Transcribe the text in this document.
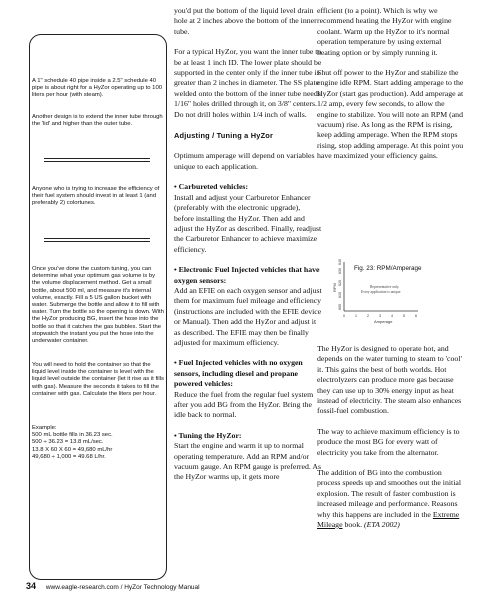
A 1" schedule 40 pipe inside a 2.5" schedule 40 pipe is about right for a HyZor operating up to 100 liters per hour (with steam).

Another design is to extend the inner tube through the 'lid' and higher than the outer tube.

Anyone who is trying to increase the efficiency of their fuel system should invest in at least 1 (and preferably 2) colortunes.

Once you've done the custom tuning, you can determine what your optimum gas volume is by the volume displacement method. Get a small bottle, about 500 ml, and measure it's internal volume, exactly. Fill a 5 US gallon bucket with water. Submerge the bottle and allow it to fill with water. Turn the bottle so the opening is down. With the HyZor producing BG, insert the hose into the bottle so that it catches the gas bubbles. Start the stopwatch the instant you put the hose into the underwater container.

You will need to hold the container so that the liquid level inside the container is level with the liquid level outside the container (let it rise as it fills with gas). Measure the seconds it takes to fill the container with gas. Calculate the liters per hour.

Example:

500 mL bottle fills in 36.23 sec.

500 ÷ 36.23 = 13.8 mL/sec.

13.8 X 60 X 60 = 49,680 mL/hr

49,680 ÷ 1,000 = 49.68 L/hr.

you'd put the bottom of the liquid level drain hole at 2 inches above the bottom of the inner tube.

For a typical HyZor, you want the inner tube to be at least 1 inch ID. The lower plate should be supported in the center only if the inner tube is greater than 2 inches in diameter. The SS plate welded onto the bottom of the inner tube needs 1/16" holes drilled through it, on 3/8" centers. Do not drill holes within 1/4 inch of walls.

Adjusting / Tuning a HyZor

Optimum amperage will depend on variables unique to each application.

• Carbureted vehicles:

Install and adjust your Carburetor Enhancer (preferably with the electronic upgrade), before installing the HyZor. Then add and adjust the HyZor as described. Finally, readjust the Carburetor Enhancer to achieve maximize efficiency.

• Electronic Fuel Injected vehicles that have oxygen sensors:

Add an EFIE on each oxygen sensor and adjust them for maximum fuel mileage and efficiency (instructions are included with the EFIE device or Manual). Then add the HyZor and adjust it as described. The EFIE may then be finally adjusted for maximum efficiency.

• Fuel Injected vehicles with no oxygen sensors, including diesel and propane powered vehicles:

Reduce the fuel from the regular fuel system after you add BG from the HyZor. Bring the idle back to normal.

• Tuning the HyZor:

Start the engine and warm it up to normal operating temperature. Add an RPM and/or vacuum gauge. An RPM gauge is preferred. As the HyZor warms up, it gets more

efficient (to a point). Which is why we recommend heating the HyZor with engine coolant. Warm up the HyZor to it's normal operation temperature by using external heating option or by simply running it.

Shut off power to the HyZor and stabilize the engine idle RPM. Start adding amperage to the HyZor (start gas production). Add amperage at 1/2 amp, every few seconds, to allow the engine to stabilize. You will note an RPM (and vacuum) rise. As long as the RPM is rising, keep adding amperage. When the RPM stops rising, stop adding amperage. At this point you have maximized your efficiency gains.

Fig. 23: RPM/Amperage
600
610
620
630
640
RPM
0	1	2	3	4	5	6
Amperage
Representative only.
Every application is unique

The HyZor is designed to operate hot, and depends on the water turning to steam to 'cool' it. This gains the best of both worlds. Hot electrolyzers can produce more gas because they can use up to 30% energy input as heat instead of electricity. The steam also enhances fossil-fuel combustion.

The way to achieve maximum efficiency is to produce the most BG for every watt of electricity you take from the alternator.

The addition of BG into the combustion process speeds up and smoothes out the initial explosion. The result of faster combustion is increased mileage and performance. Reasons why this happens are included in the Extreme Mileage book. (ETA 2002)

34 www.eagle-research.com / HyZor Technology Manual
